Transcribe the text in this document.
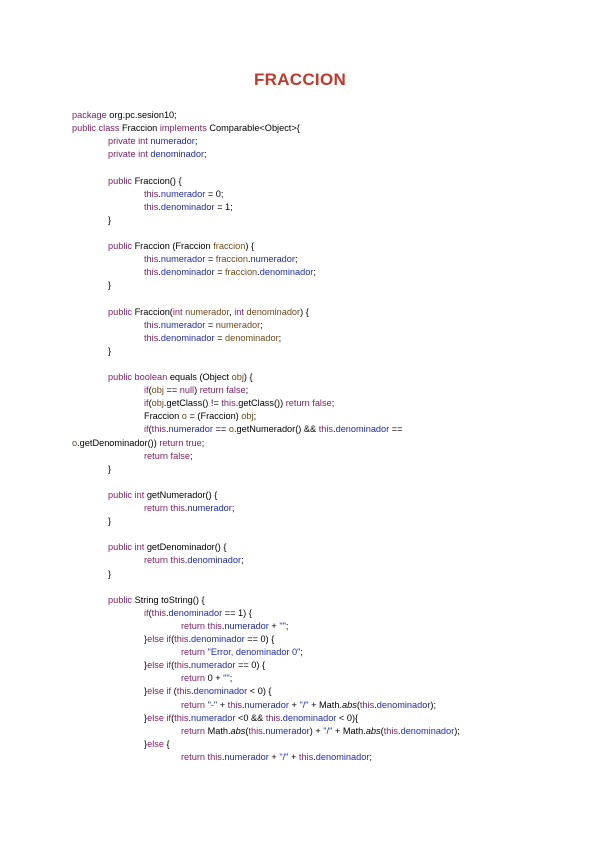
FRACCION
package org.pc.sesion10;
public class Fraccion implements Comparable<Object>{
private int numerador;
private int denominador;
public Fraccion() {
this.numerador = 0;
this.denominador = 1;
}
public Fraccion (Fraccion fraccion) {
this.numerador = fraccion.numerador;
this.denominador = fraccion.denominador;
}
public Fraccion(int numerador, int denominador) {
this.numerador = numerador;
this.denominador = denominador;
}
public boolean equals (Object obj) {
if(obj == null) return false;
if(obj.getClass() != this.getClass()) return false;
Fraccion o = (Fraccion) obj;
if(this.numerador == o.getNumerador() && this.denominador ==
o.getDenominador()) return true;
return false;
}
public int getNumerador() {
return this.numerador;
}
public int getDenominador() {
return this.denominador;
}
public String toString() {
if(this.denominador == 1) {
return this.numerador + "";
}else if(this.denominador == 0) {
return "Error, denominador 0";
}else if(this.numerador == 0) {
return 0 + "";
}else if (this.denominador < 0) {
return "-" + this.numerador + "/" + Math.abs(this.denominador);
}else if(this.numerador <0 && this.denominador < 0){
return Math.abs(this.numerador) + "/" + Math.abs(this.denominador);
}else {
return this.numerador + "/" + this.denominador;
